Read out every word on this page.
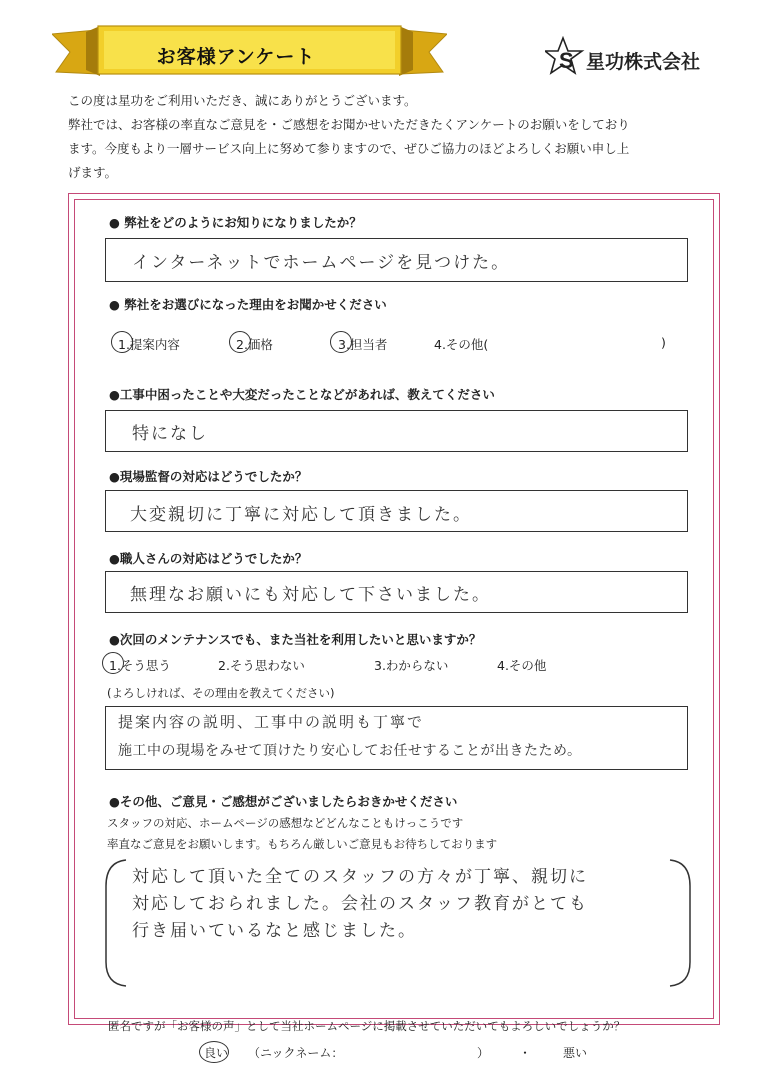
お客様アンケート	S 星功株式会社

この度は星功をご利用いただき、誠にありがとうございます。

弊社では、お客様の率直なご意見を・ご感想をお聞かせいただきたくアンケートのお願いをしており

ます。今度もより一層サービス向上に努めて参りますので、ぜひご協力のほどよろしくお願い申し上

げます。

● 弊社をどのようにお知りになりましたか？
インターネットでホームページを見つけた。
● 弊社をお選びになった理由をお聞かせください
1.提案内容	2.価格	3.担当者	4.その他(	)
●工事中困ったことや大変だったことなどがあれば、教えてください
特になし
●現場監督の対応はどうでしたか？
大変親切に丁寧に対応して頂きました。
●職人さんの対応はどうでしたか？
無理なお願いにも対応して下さいました。
●次回のメンテナンスでも、また当社を利用したいと思いますか？
1.そう思う	2.そう思わない	3.わからない	4.その他
(よろしければ、その理由を教えてください)
提案内容の説明、工事中の説明も丁寧で
施工中の現場をみせて頂けたり安心してお任せすることが出きたため。
●その他、ご意見・ご感想がございましたらおきかせください
スタッフの対応、ホームページの感想などどんなこともけっこうです
率直なご意見をお願いします。もちろん厳しいご意見もお待ちしております
対応して頂いた全てのスタッフの方々が丁寧、親切に
対応しておられました。会社のスタッフ教育がとても
行き届いているなと感じました。
匿名ですが「お客様の声」として当社ホームページに掲載させていただいてもよろしいでしょうか？
良い （ニックネーム：	） ・	悪い
